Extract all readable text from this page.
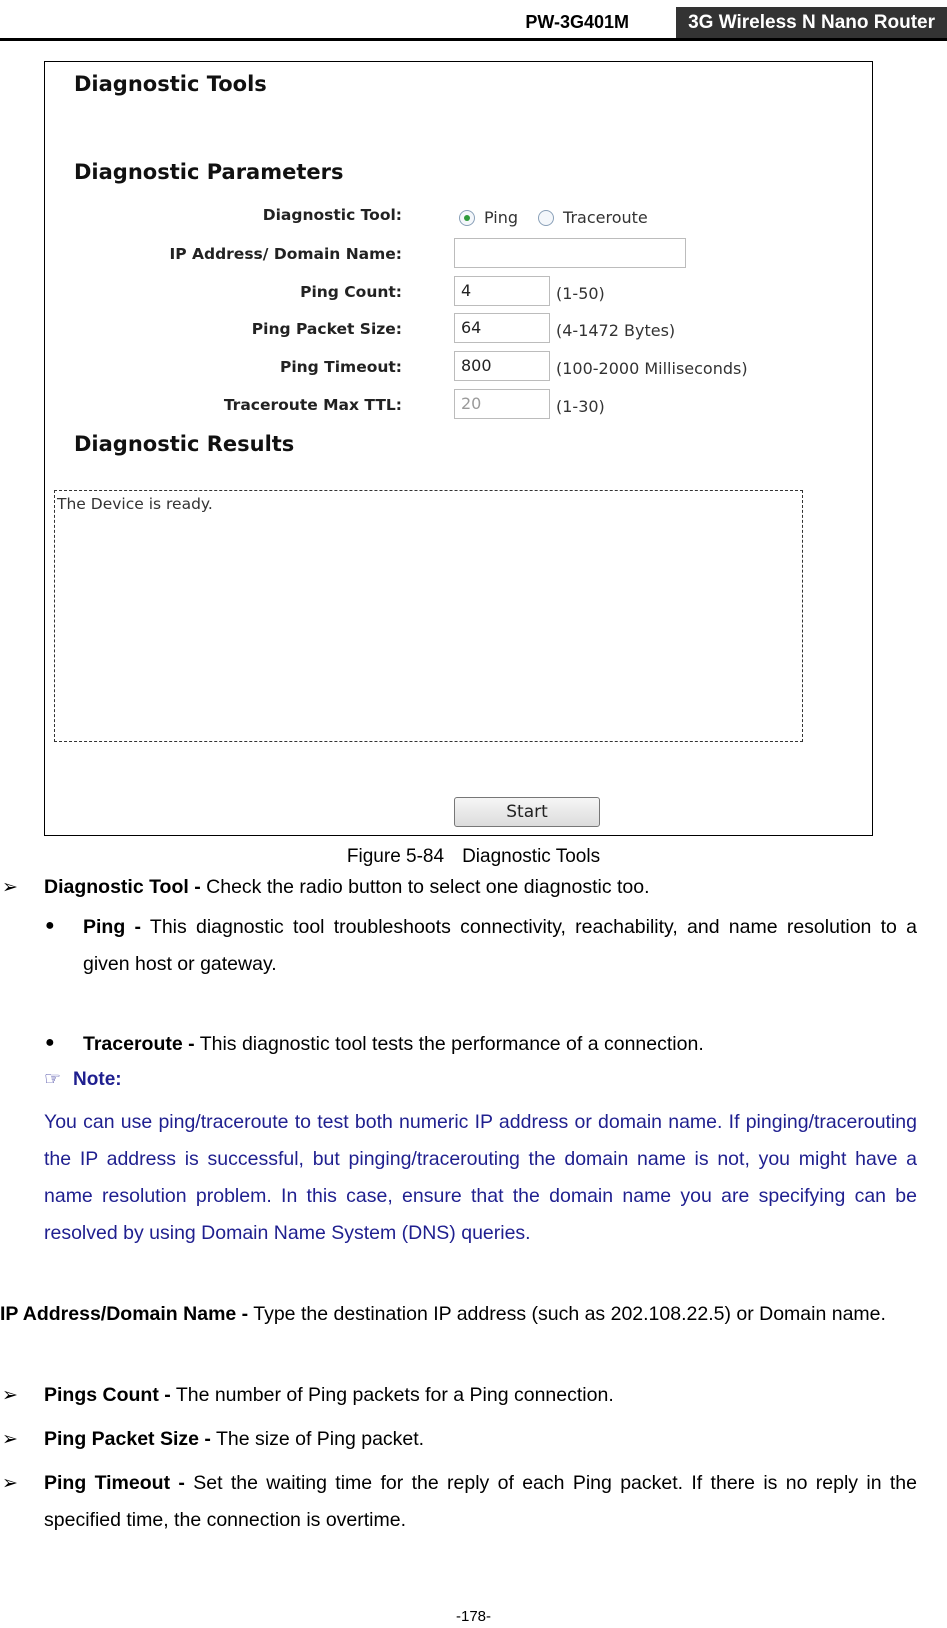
PW-3G401M	3G Wireless N Nano Router
Diagnostic Tools
Diagnostic Parameters
Diagnostic Tool:	Ping	Traceroute
IP Address/ Domain Name:
Ping Count:	4	(1-50)
Ping Packet Size:	64	(4-1472 Bytes)
Ping Timeout:	800	(100-2000 Milliseconds)
Traceroute Max TTL:	20	(1-30)
Diagnostic Results
The Device is ready.
Start
Figure 5-84 Diagnostic Tools
➢ Diagnostic Tool - Check the radio button to select one diagnostic too.
● Ping - This diagnostic tool troubleshoots connectivity, reachability, and name resolution to a given host or gateway.
● Traceroute - This diagnostic tool tests the performance of a connection.
☞ Note:
You can use ping/traceroute to test both numeric IP address or domain name. If pinging/tracerouting the IP address is successful, but pinging/tracerouting the domain name is not, you might have a name resolution problem. In this case, ensure that the domain name you are specifying can be resolved by using Domain Name System (DNS) queries.
IP Address/Domain Name - Type the destination IP address (such as 202.108.22.5) or Domain name.
➢ Pings Count - The number of Ping packets for a Ping connection.
➢ Ping Packet Size - The size of Ping packet.
➢ Ping Timeout - Set the waiting time for the reply of each Ping packet. If there is no reply in the specified time, the connection is overtime.
-178-
